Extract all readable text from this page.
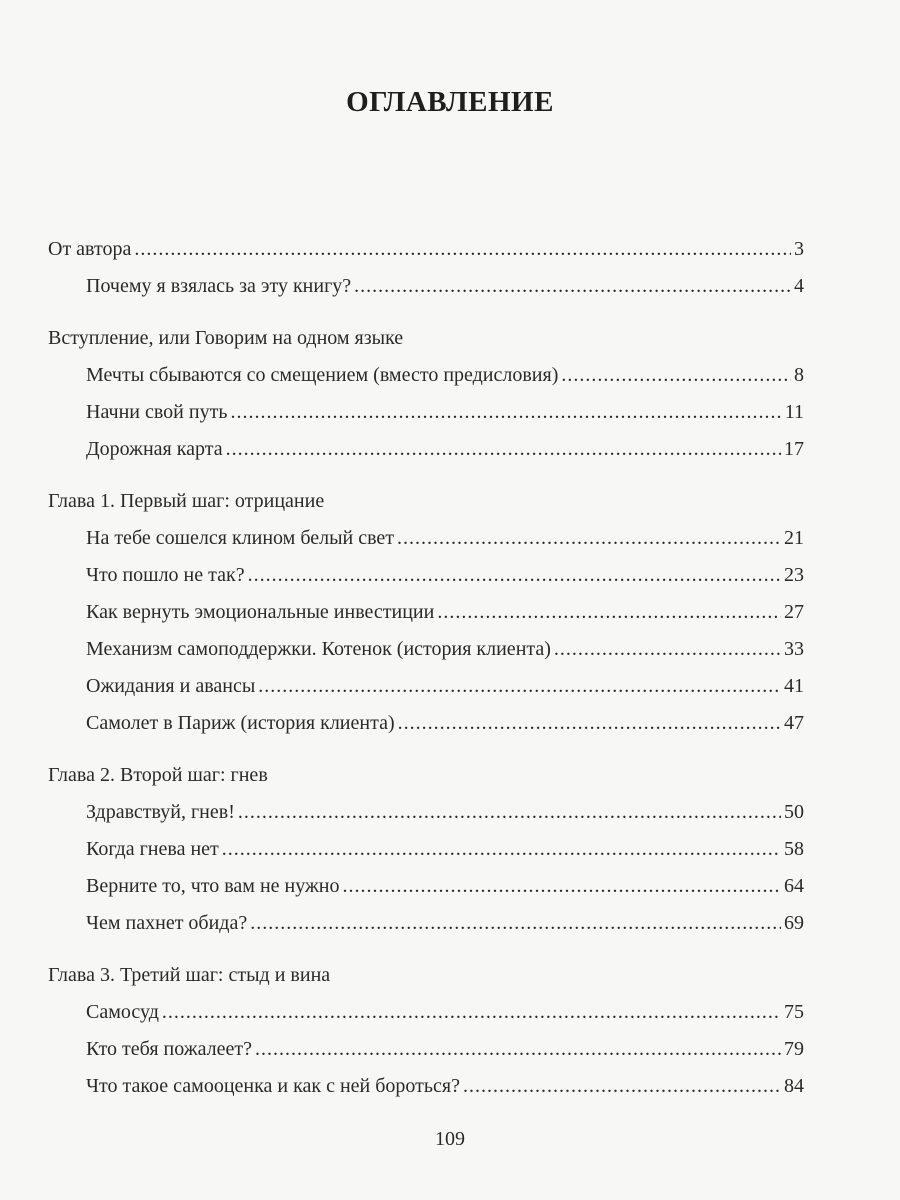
ОГЛАВЛЕНИЕ
От автора .....	3
Почему я взялась за эту книгу? .....	4
Вступление, или Говорим на одном языке
Мечты сбываются со смещением (вместо предисловия) .....	8
Начни свой путь .....	11
Дорожная карта .....	17
Глава 1. Первый шаг: отрицание
На тебе сошелся клином белый свет .....	21
Что пошло не так? .....	23
Как вернуть эмоциональные инвестиции .....	27
Механизм самоподдержки. Котенок (история клиента) .....	33
Ожидания и авансы .....	41
Самолет в Париж (история клиента) .....	47
Глава 2. Второй шаг: гнев
Здравствуй, гнев! .....	50
Когда гнева нет .....	58
Верните то, что вам не нужно .....	64
Чем пахнет обида? .....	69
Глава 3. Третий шаг: стыд и вина
Самосуд .....	75
Кто тебя пожалеет? .....	79
Что такое самооценка и как с ней бороться? .....	84
109
